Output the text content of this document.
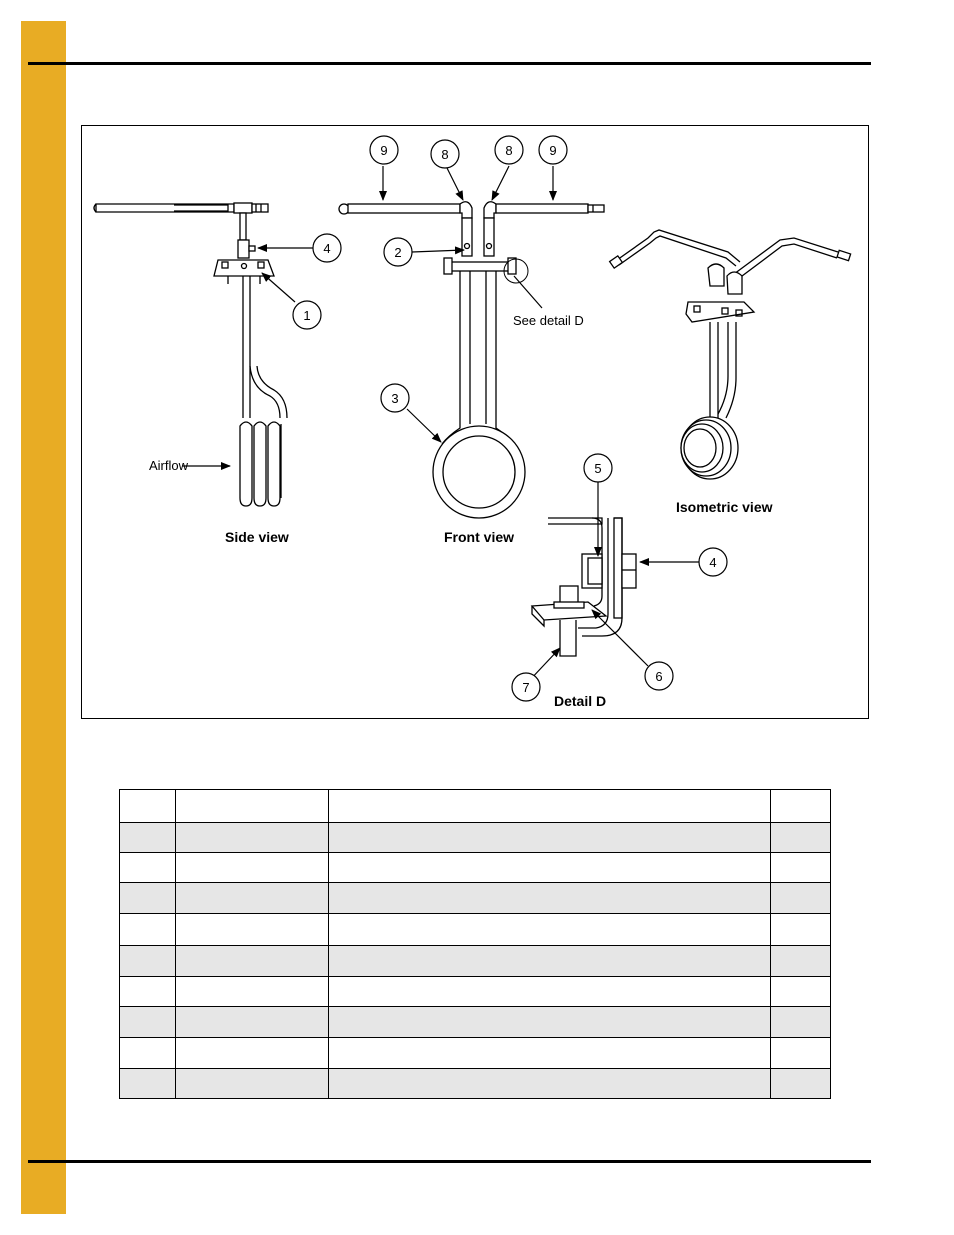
9	8	8	9
4	2
1
3
5
4
6
7
Airflow
See detail D
Side view	Front view
Isometric view
Detail D
